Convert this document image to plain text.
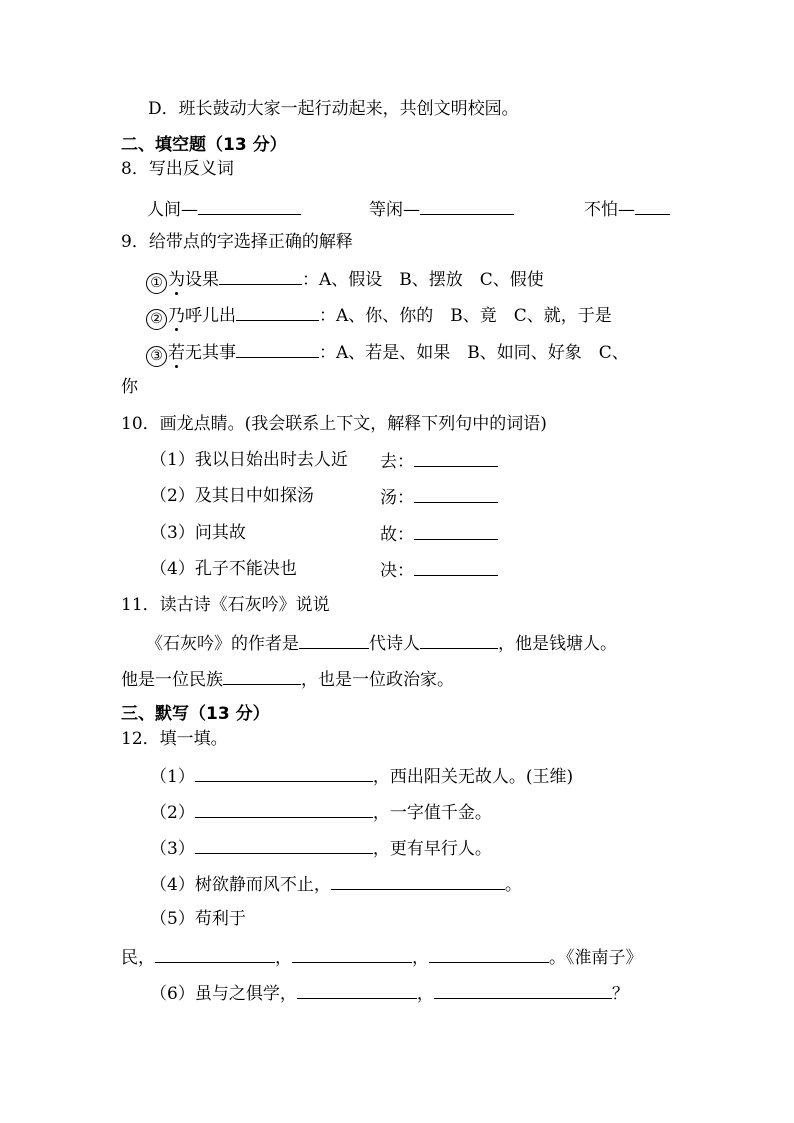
D．班长鼓动大家一起行动起来，共创文明校园。
二、填空题（13 分）
8．写出反义词
人间—	等闲—	不怕—
9．给带点的字选择正确的解释
① 为设果	：A、假设　B、摆放　C、假使
② 乃呼儿出	：A、你、你的　B、竟　C、就，于是
③ 若无其事	：A、若是、如果　B、如同、好象　C、
你
10．画龙点睛。(我会联系上下文，解释下列句中的词语)
（1）我以日始出时去人近 去：
（2）及其日中如探汤	汤：
（3）问其故	故：
（4）孔子不能决也	决：
11．读古诗《石灰吟》说说
《石灰吟》的作者是	代诗人	，他是钱塘人。
他是一位民族	，也是一位政治家。
三、默写（13 分）
12．填一填。
（1）	，西出阳关无故人。(王维)
（2）	，一字值千金。
（3）	，更有早行人。
（4）树欲静而风不止，	。
（5）苟利于
民，	，	，	。《淮南子》
（6）虽与之俱学，	，	？
